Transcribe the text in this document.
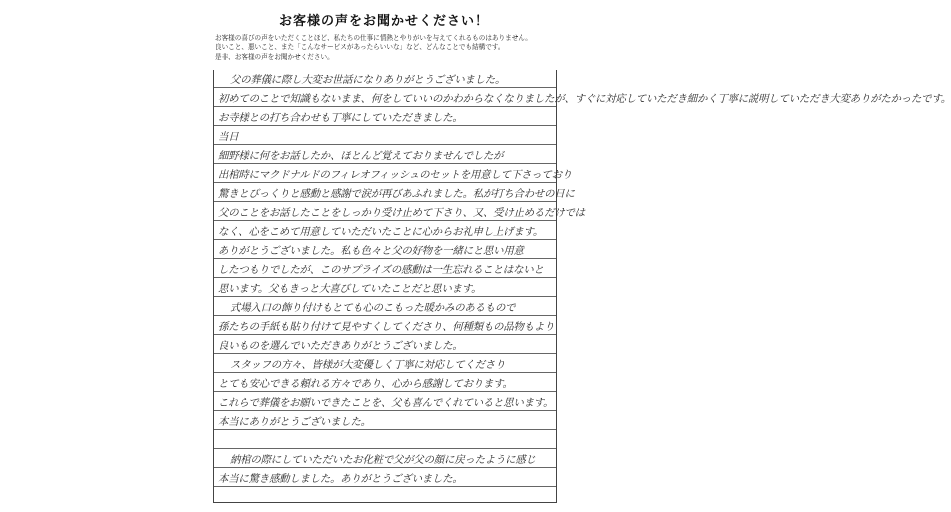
お客様の声をお聞かせください！
お客様の喜びの声をいただくことほど、私たちの仕事に情熱とやりがいを与えてくれるものはありません。
良いこと、悪いこと、また「こんなサービスがあったらいいな」など、どんなことでも結構です。
是非、お客様の声をお聞かせください。
父の葬儀に際し大変お世話になりありがとうございました。
初めてのことで知識もないまま、何をしていいのかわからなくなりましたが、すぐに対応していただき細かく丁寧に説明していただき大変ありがたかったです。
お寺様との打ち合わせも丁寧にしていただきました。
当日
細野様に何をお話したか、ほとんど覚えておりませんでしたが
出棺時にマクドナルドのフィレオフィッシュのセットを用意して下さっており
驚きとびっくりと感動と感謝で涙が再びあふれました。私が打ち合わせの日に
父のことをお話したことをしっかり受け止めて下さり、又、受け止めるだけでは
なく、心をこめて用意していただいたことに心からお礼申し上げます。
ありがとうございました。私も色々と父の好物を一緒にと思い用意
したつもりでしたが、このサプライズの感動は一生忘れることはないと
思います。父もきっと大喜びしていたことだと思います。
式場入口の飾り付けもとても心のこもった暖かみのあるもので
孫たちの手紙も貼り付けて見やすくしてくださり、何種類もの品物もより
良いものを選んでいただきありがとうございました。
スタッフの方々、皆様が大変優しく丁寧に対応してくださり
とても安心できる頼れる方々であり、心から感謝しております。
これらで葬儀をお願いできたことを、父も喜んでくれていると思います。
本当にありがとうございました。
納棺の際にしていただいたお化粧で父が父の顔に戻ったように感じ
本当に驚き感動しました。ありがとうございました。
